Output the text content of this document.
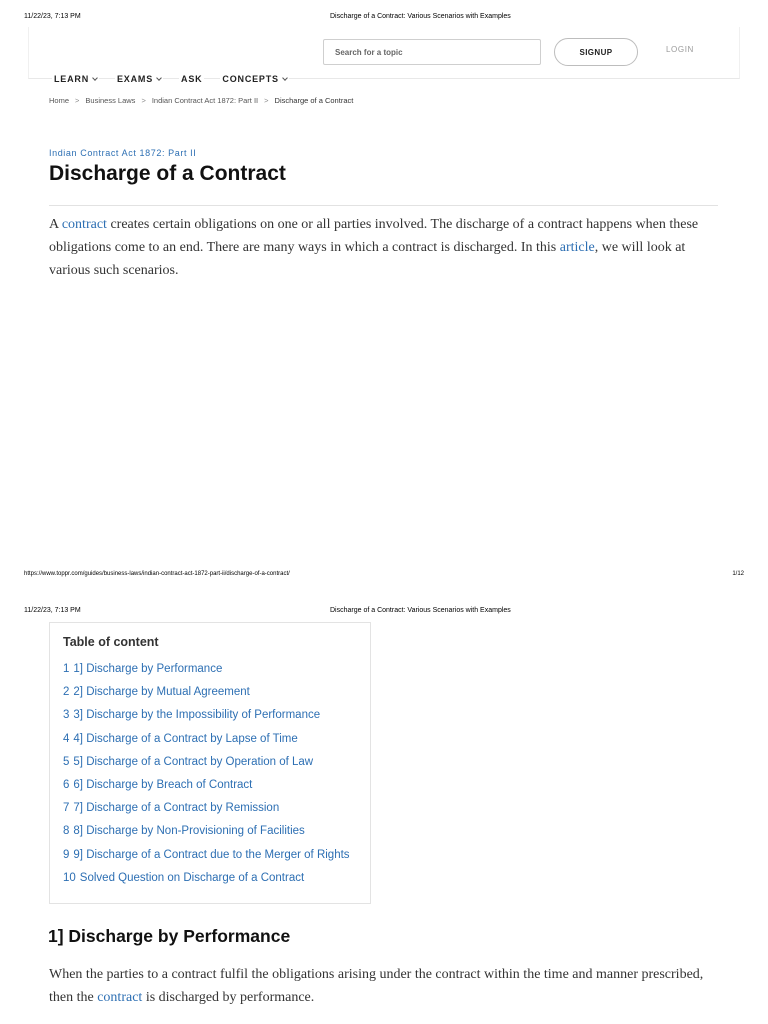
11/22/23, 7:13 PM	Discharge of a Contract: Various Scenarios with Examples
Search for a topic
SIGNUP	LOGIN
LEARN	EXAMS	ASK CONCEPTS
Home > Business Laws > Indian Contract Act 1872: Part II > Discharge of a Contract
Indian Contract Act 1872: Part II
Discharge of a Contract

A contract creates certain obligations on one or all parties involved. The discharge of a contract happens when these obligations come to an end. There are many ways in which a contract is discharged. In this article, we will look at various such scenarios.

https://www.toppr.com/guides/business-laws/indian-contract-act-1872-part-ii/discharge-of-a-contract/	1/12
11/22/23, 7:13 PM	Discharge of a Contract: Various Scenarios with Examples
Table of content
1 1] Discharge by Performance
2 2] Discharge by Mutual Agreement
3 3] Discharge by the Impossibility of Performance
4 4] Discharge of a Contract by Lapse of Time
5 5] Discharge of a Contract by Operation of Law
6 6] Discharge by Breach of Contract
7 7] Discharge of a Contract by Remission
8 8] Discharge by Non-Provisioning of Facilities
9 9] Discharge of a Contract due to the Merger of Rights
10 Solved Question on Discharge of a Contract
1] Discharge by Performance

When the parties to a contract fulfil the obligations arising under the contract within the time and manner prescribed, then the contract is discharged by performance.
